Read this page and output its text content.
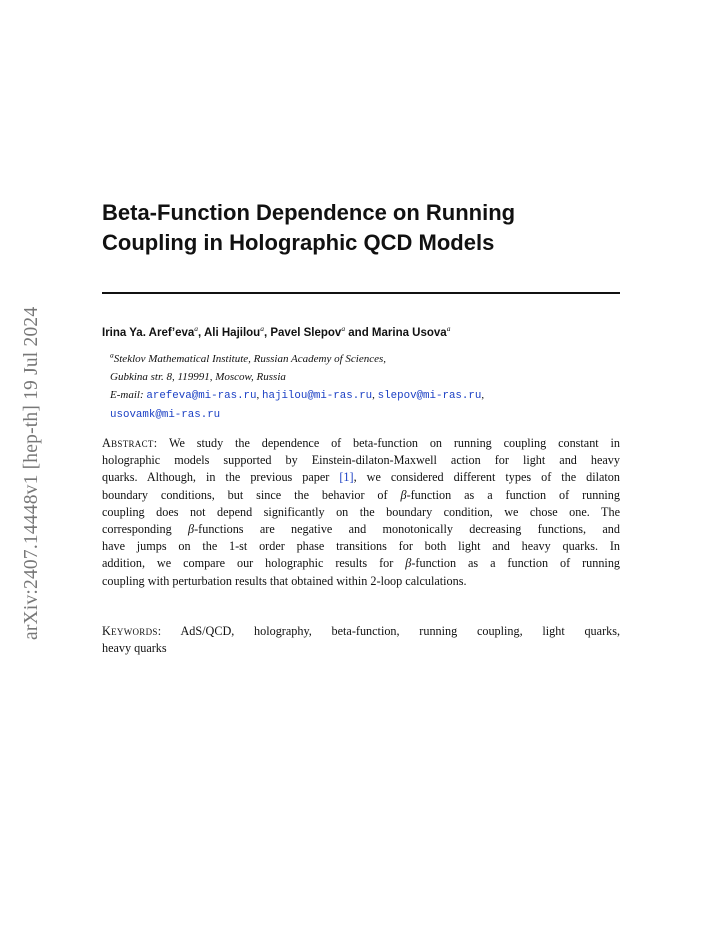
arXiv:2407.14448v1 [hep-th] 19 Jul 2024
Beta-Function Dependence on Running
Coupling in Holographic QCD Models
Irina Ya. Aref’eva$^a$, Ali Hajilou$^a$, Pavel Slepov$^a$ and Marina Usova$^a$
$^a$Steklov Mathematical Institute, Russian Academy of Sciences,
Gubkina str. 8, 119991, Moscow, Russia
E-mail: arefeva@mi-ras.ru, hajilou@mi-ras.ru, slepov@mi-ras.ru,
usovamk@mi-ras.ru
Abstract: We study the dependence of beta-function on running coupling constant in
holographic models supported by Einstein-dilaton-Maxwell action for light and heavy
quarks. Although, in the previous paper [1], we considered different types of the dilaton
boundary conditions, but since the behavior of β-function as a function of running
coupling does not depend significantly on the boundary condition, we chose one. The
corresponding β-functions are negative and monotonically decreasing functions, and
have jumps on the 1-st order phase transitions for both light and heavy quarks. In
addition, we compare our holographic results for β-function as a function of running
coupling with perturbation results that obtained within 2-loop calculations.
Keywords: AdS/QCD, holography, beta-function, running coupling, light quarks,
heavy quarks
